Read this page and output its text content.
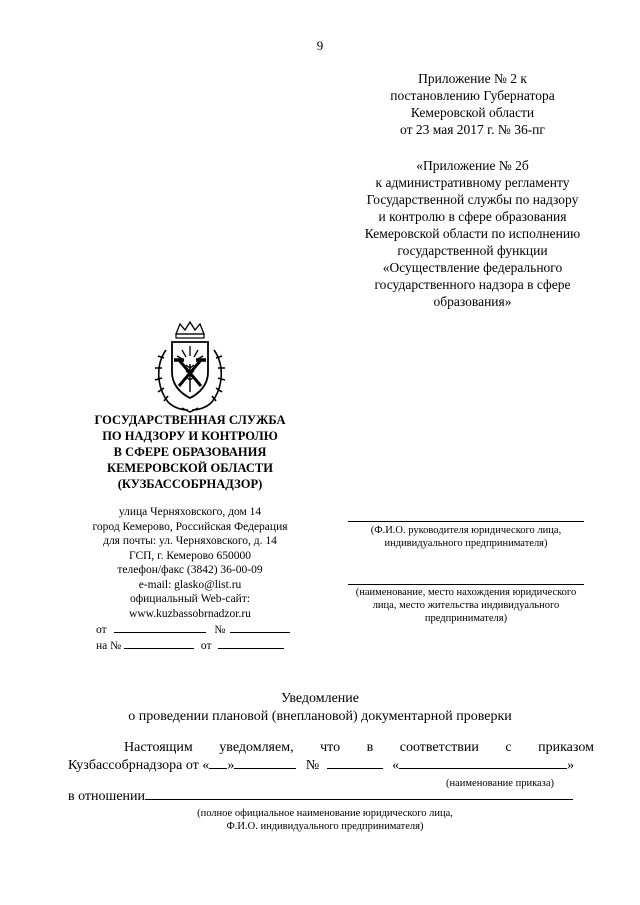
9
Приложение № 2 к
постановлению Губернатора
Кемеровской области
от 23 мая 2017 г. № 36-пг
«Приложение № 2б
к административному регламенту
Государственной службы по надзору
и контролю в сфере образования
Кемеровской области по исполнению
государственной функции
«Осуществление федерального
государственного надзора в сфере
образования»
ГОСУДАРСТВЕННАЯ СЛУЖБА
ПО НАДЗОРУ И КОНТРОЛЮ
В СФЕРЕ ОБРАЗОВАНИЯ
КЕМЕРОВСКОЙ ОБЛАСТИ
(КУЗБАССОБРНАДЗОР)
улица Черняховского, дом 14
город Кемерово, Российская Федерация
для почты: ул. Черняховского, д. 14
ГСП, г. Кемерово 650000
телефон/факс (3842) 36-00-09
e-mail: glasko@list.ru
официальный Web-сайт:
www.kuzbassobrnadzor.ru
от	№
на №	от
(Ф.И.О. руководителя юридического лица,
индивидуального предпринимателя)
(наименование, место нахождения юридического
лица, место жительства индивидуального
предпринимателя)
Уведомление
о проведении плановой (внеплановой) документарной проверки
Настоящим уведомляем, что в соответствии с приказом
Кузбассобрнадзора от « »	№	«	»
(наименование приказа)
в отношении
(полное официальное наименование юридического лица,
Ф.И.О. индивидуального предпринимателя)
